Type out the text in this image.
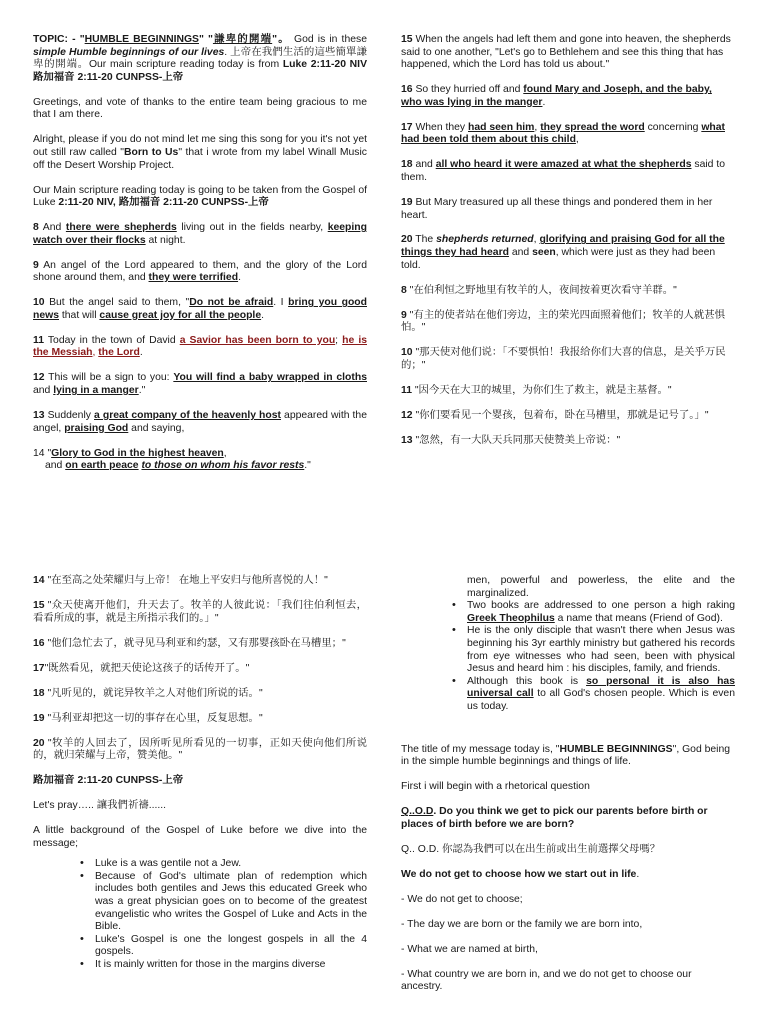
TOPIC: - "HUMBLE BEGINNINGS" "謙卑的開端"。 God is in these simple Humble beginnings of our lives. 上帝在我們生活的這些簡單謙卑的開端。Our main scripture reading today is from Luke 2:11-20 NIV 路加福音 2:11-20 CUNPSS-上帝

Greetings, and vote of thanks to the entire team being gracious to me that I am there.

Alright, please if you do not mind let me sing this song for you it's not yet out still raw called "Born to Us" that i wrote from my label Winall Music off the Desert Worship Project.

Our Main scripture reading today is going to be taken from the Gospel of Luke 2:11-20 NIV, 路加福音 2:11-20 CUNPSS-上帝

8 And there were shepherds living out in the fields nearby, keeping watch over their flocks at night.

9 An angel of the Lord appeared to them, and the glory of the Lord shone around them, and they were terrified.

10 But the angel said to them, "Do not be afraid. I bring you good news that will cause great joy for all the people.

11 Today in the town of David a Savior has been born to you; he is the Messiah, the Lord.

12 This will be a sign to you: You will find a baby wrapped in cloths and lying in a manger."

13 Suddenly a great company of the heavenly host appeared with the angel, praising God and saying,

14 "Glory to God in the highest heaven,
and on earth peace to those on whom his favor rests."

15 When the angels had left them and gone into heaven, the shepherds said to one another, "Let's go to Bethlehem and see this thing that has happened, which the Lord has told us about."

16 So they hurried off and found Mary and Joseph, and the baby, who was lying in the manger.

17 When they had seen him, they spread the word concerning what had been told them about this child,

18 and all who heard it were amazed at what the shepherds said to them.

19 But Mary treasured up all these things and pondered them in her heart.

20 The shepherds returned, glorifying and praising God for all the things they had heard and seen, which were just as they had been told.

8 "在伯利恒之野地里有牧羊的人，夜间按着更次看守羊群。"

9 "有主的使者站在他们旁边，主的荣光四面照着他们；牧羊的人就甚惧怕。"

10 "那天使对他们说：「不要惧怕！我报给你们大喜的信息，是关乎万民的；"

11 "因今天在大卫的城里，为你们生了救主，就是主基督。"

12 "你们要看见一个婴孩，包着布，卧在马槽里，那就是记号了。」"

13 "忽然，有一大队天兵同那天使赞美上帝说："

14 "在至高之处荣耀归与上帝！ 在地上平安归与他所喜悦的人！"

15 "众天使离开他们，升天去了。牧羊的人彼此说：「我们往伯利恒去，看看所成的事，就是主所指示我们的。」"

16 "他们急忙去了，就寻见马利亚和约瑟，又有那婴孩卧在马槽里；"

17"既然看见，就把天使论这孩子的话传开了。"

18 "凡听见的，就诧异牧羊之人对他们所说的话。"

19 "马利亚却把这一切的事存在心里，反复思想。"

20 "牧羊的人回去了，因所听见所看见的一切事，正如天使向他们所说的，就归荣耀与上帝，赞美他。"

路加福音 2:11-20 CUNPSS-上帝

Let's pray….. 讓我們祈禱......

A little background of the Gospel of Luke before we dive into the message;

• Luke is a was gentile not a Jew.
• Because of God's ultimate plan of redemption which includes both gentiles and Jews this educated Greek who was a great physician goes on to become of the greatest evangelistic who writes the Gospel of Luke and Acts in the Bible.
• Luke's Gospel is one the longest gospels in all the 4 gospels.
• It is mainly written for those in the margins diverse
men, powerful and powerless, the elite and the marginalized.
• Two books are addressed to one person a high raking Greek Theophilus a name that means (Friend of God).
• He is the only disciple that wasn't there when Jesus was beginning his 3yr earthly ministry but gathered his records from eye witnesses who had seen, been with physical Jesus and heard him : his disciples, family, and friends.
• Although this book is so personal it is also has universal call to all God's chosen people. Which is even us today.

The title of my message today is, "HUMBLE BEGINNINGS", God being in the simple humble beginnings and things of life.

First i will begin with a rhetorical question

Q..O.D. Do you think we get to pick our parents before birth or places of birth before we are born?

Q.. O.D. 你認為我們可以在出生前或出生前選擇父母嗎？

We do not get to choose how we start out in life.

- We do not get to choose;

- The day we are born or the family we are born into,

- What we are named at birth,

- What country we are born in, and we do not get to choose our ancestry.
